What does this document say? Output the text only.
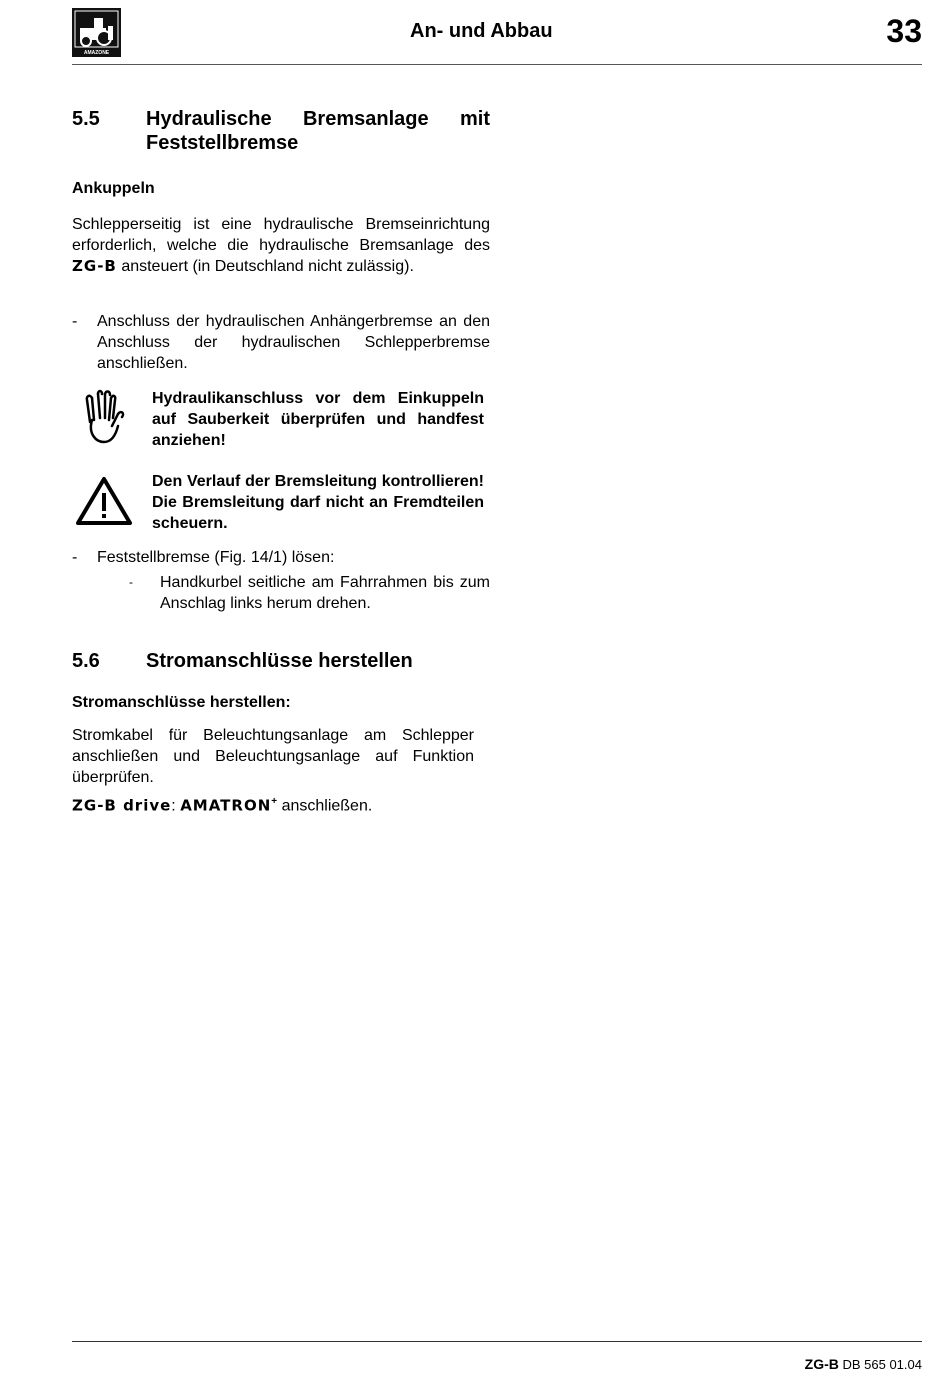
AMAZONE
An- und Abbau	33
5.5 Hydraulische Bremsanlage mit Feststellbremse
Ankuppeln
Schlepperseitig ist eine hydraulische Bremseinrichtung erforderlich, welche die hydraulische Bremsanlage des ZG-B ansteuert (in Deutschland nicht zulässig).
- Anschluss der hydraulischen Anhängerbremse an den Anschluss der hydraulischen Schlepperbremse anschließen.
Hydraulikanschluss vor dem Einkuppeln auf Sauberkeit überprüfen und handfest anziehen!
Den Verlauf der Bremsleitung kontrollieren! Die Bremsleitung darf nicht an Fremdteilen scheuern.
- Feststellbremse (Fig. 14/1) lösen:
- Handkurbel seitliche am Fahrrahmen bis zum Anschlag links herum drehen.
5.6 Stromanschlüsse herstellen
Stromanschlüsse herstellen:
Stromkabel für Beleuchtungsanlage am Schlepper anschließen und Beleuchtungsanlage auf Funktion überprüfen.
ZG-B drive: AMATRON+ anschließen.
ZG-B DB 565 01.04
